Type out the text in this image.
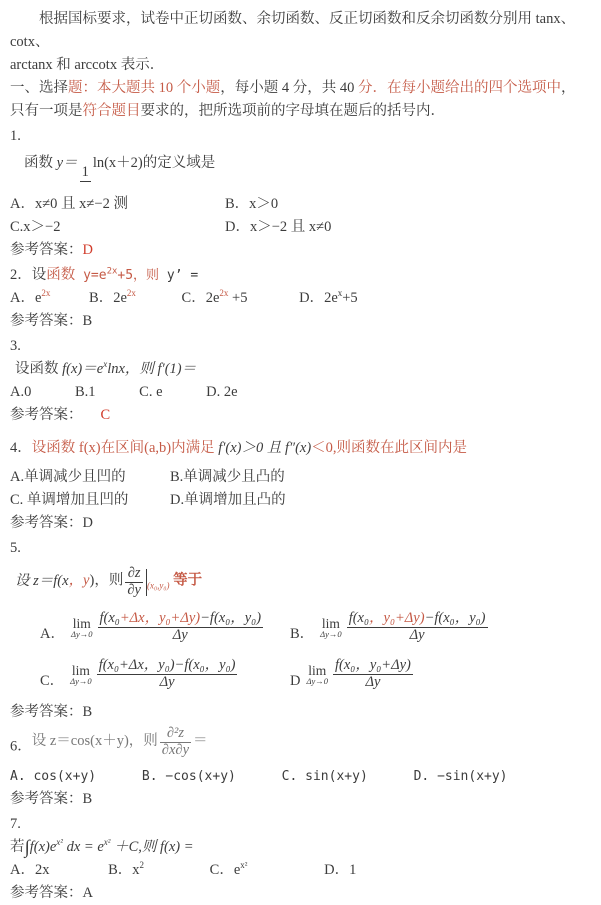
根据国标要求，试卷中正切函数、余切函数、反正切函数和反余切函数分别用 tanx、cotx、
arctanx 和 arccotx 表示．
一、选择题：本大题共 10 个小题，每小题 4 分，共 40 分．在每小题给出的四个选项中，只有一项是符合题目要求的，把所选项前的字母填在题后的括号内．
1.
函数 y＝
1
ln(x＋2)的定义域是
A．x≠0 且 x≠−2 测	B．x＞0
C.x＞−2	D．x＞−2 且 x≠0
参考答案：D
2．设函数 $y=e^{2x}+5$，则 y’ =
A．$e^{2x}$	B．$2e^{2x}$	C．$2e^{2x} +5$	D．$2e^x+5$
参考答案：B
3.
设函数 $f(x)=e^x\ln x$，则 f′(1)＝
A.0	B.1	C. e	D. 2e
参考答案： C
4．设函数 f(x)在区间(a,b)内满足 f′(x)＞0 且 f″(x)＜0,则函数在此区间内是
A.单调减少且凹的	B.单调减少且凸的
C. 单调增加且凹的	D.单调增加且凸的
参考答案：D
5.
设 z＝f(x，y)，则 $\frac{\partial z}{\partial y} _{(x_0,y_0)}$ 等于
A．
lim
$\Delta y\to 0 \frac{\text{f(x₀+Δx，y₀+Δy)−f(x₀，y₀)}}{\Delta y}$ B．
lim
$\Delta y\to 0 \frac{\text{f(x₀，y₀+Δy)−f(x₀，y₀)}}{\Delta y}$
C．
lim
$\Delta y\to 0 \frac{\text{f(x₀+Δx，y₀)−f(x₀，y₀)}}{\Delta y}$	D
lim
$\Delta y\to 0 \frac{\text{f(x₀，y₀+Δy)}}{\Delta y}$
参考答案：B
6．设 z＝cos(x＋y)，则 $\frac{\text{∂²z}}{\partial x\partial y}$ ＝
A. cos(x+y)	B. −cos(x+y)	C. sin(x+y)	D. −sin(x+y)
参考答案：B
7.
若$\int f(x)e^{x^2}$ dx = $e^{x^2} +C$,则 f(x) =
A．2x	B．$x^2$	C．$e^{x^2}$	D．1
参考答案：A
